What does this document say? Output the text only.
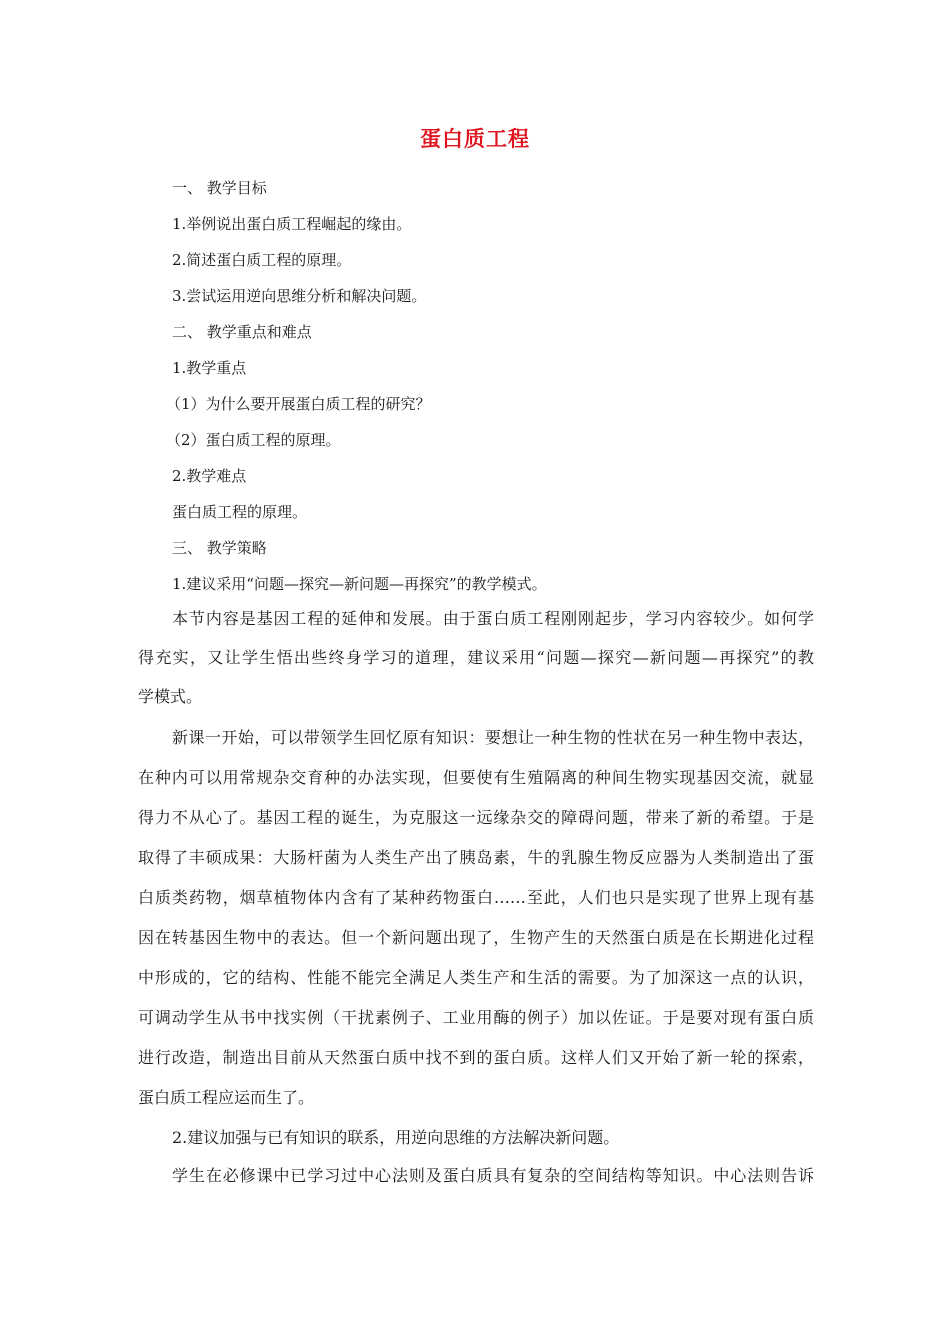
蛋白质工程
一、 教学目标
1.举例说出蛋白质工程崛起的缘由。
2.简述蛋白质工程的原理。
3.尝试运用逆向思维分析和解决问题。
二、 教学重点和难点
1.教学重点
（1）为什么要开展蛋白质工程的研究？
（2）蛋白质工程的原理。
2.教学难点
蛋白质工程的原理。
三、 教学策略
1.建议采用“问题—探究—新问题—再探究”的教学模式。
本节内容是基因工程的延伸和发展。由于蛋白质工程刚刚起步，学习内容较少。如何学
得充实，又让学生悟出些终身学习的道理，建议采用“问题—探究—新问题—再探究”的教
学模式。
新课一开始，可以带领学生回忆原有知识：要想让一种生物的性状在另一种生物中表达，
在种内可以用常规杂交育种的办法实现，但要使有生殖隔离的种间生物实现基因交流，就显
得力不从心了。基因工程的诞生，为克服这一远缘杂交的障碍问题，带来了新的希望。于是
取得了丰硕成果：大肠杆菌为人类生产出了胰岛素，牛的乳腺生物反应器为人类制造出了蛋
白质类药物，烟草植物体内含有了某种药物蛋白……至此，人们也只是实现了世界上现有基
因在转基因生物中的表达。但一个新问题出现了，生物产生的天然蛋白质是在长期进化过程
中形成的，它的结构、性能不能完全满足人类生产和生活的需要。为了加深这一点的认识，
可调动学生从书中找实例（干扰素例子、工业用酶的例子）加以佐证。于是要对现有蛋白质
进行改造，制造出目前从天然蛋白质中找不到的蛋白质。这样人们又开始了新一轮的探索，
蛋白质工程应运而生了。
2.建议加强与已有知识的联系，用逆向思维的方法解决新问题。
学生在必修课中已学习过中心法则及蛋白质具有复杂的空间结构等知识。中心法则告诉
